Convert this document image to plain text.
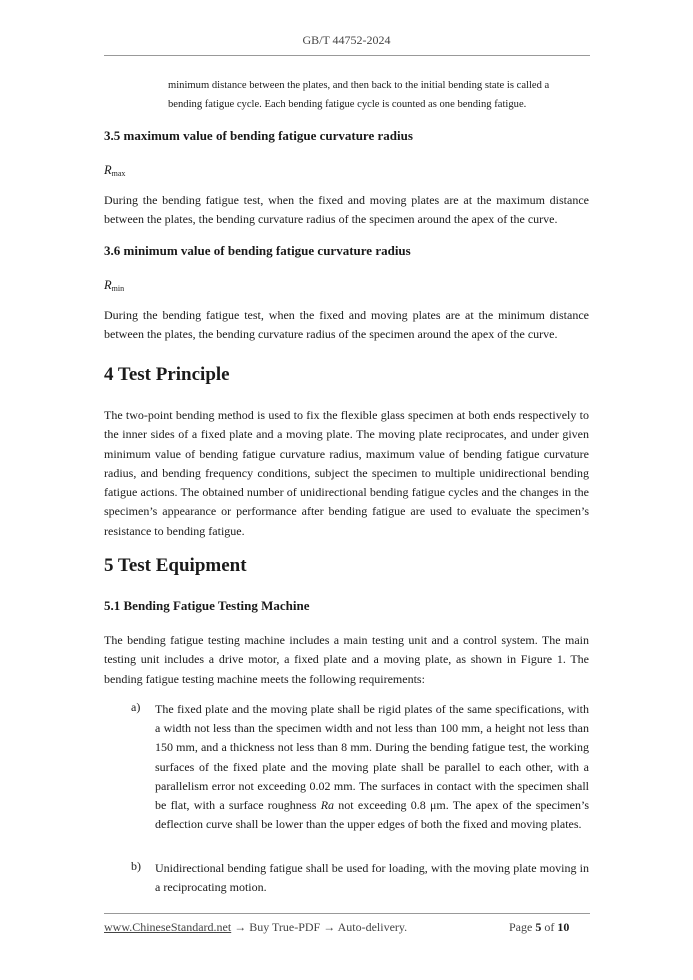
GB/T 44752-2024
minimum distance between the plates, and then back to the initial bending state is called a
bending fatigue cycle. Each bending fatigue cycle is counted as one bending fatigue.
3.5 maximum value of bending fatigue curvature radius
$R_{max}$
During the bending fatigue test, when the fixed and moving plates are at the maximum distance between the plates, the bending curvature radius of the specimen around the apex of the curve.
3.6 minimum value of bending fatigue curvature radius
$R_{min}$
During the bending fatigue test, when the fixed and moving plates are at the minimum distance between the plates, the bending curvature radius of the specimen around the apex of the curve.
4 Test Principle
The two-point bending method is used to fix the flexible glass specimen at both ends respectively to the inner sides of a fixed plate and a moving plate. The moving plate reciprocates, and under given minimum value of bending fatigue curvature radius, maximum value of bending fatigue curvature radius, and bending frequency conditions, subject the specimen to multiple unidirectional bending fatigue actions. The obtained number of unidirectional bending fatigue cycles and the changes in the specimen’s appearance or performance after bending fatigue are used to evaluate the specimen’s resistance to bending fatigue.
5 Test Equipment
5.1 Bending Fatigue Testing Machine
The bending fatigue testing machine includes a main testing unit and a control system. The main testing unit includes a drive motor, a fixed plate and a moving plate, as shown in Figure 1. The bending fatigue testing machine meets the following requirements:
a) The fixed plate and the moving plate shall be rigid plates of the same specifications, with a width not less than the specimen width and not less than 100 mm, a height not less than 150 mm, and a thickness not less than 8 mm. During the bending fatigue test, the working surfaces of the fixed plate and the moving plate shall be parallel to each other, with a parallelism error not exceeding 0.02 mm. The surfaces in contact with the specimen shall be flat, with a surface roughness Ra not exceeding 0.8 μm. The apex of the specimen’s deflection curve shall be lower than the upper edges of both the fixed and moving plates.
b) Unidirectional bending fatigue shall be used for loading, with the moving plate moving in a reciprocating motion.
www.ChineseStandard.net → Buy True-PDF → Auto-delivery.	Page 5 of 10
